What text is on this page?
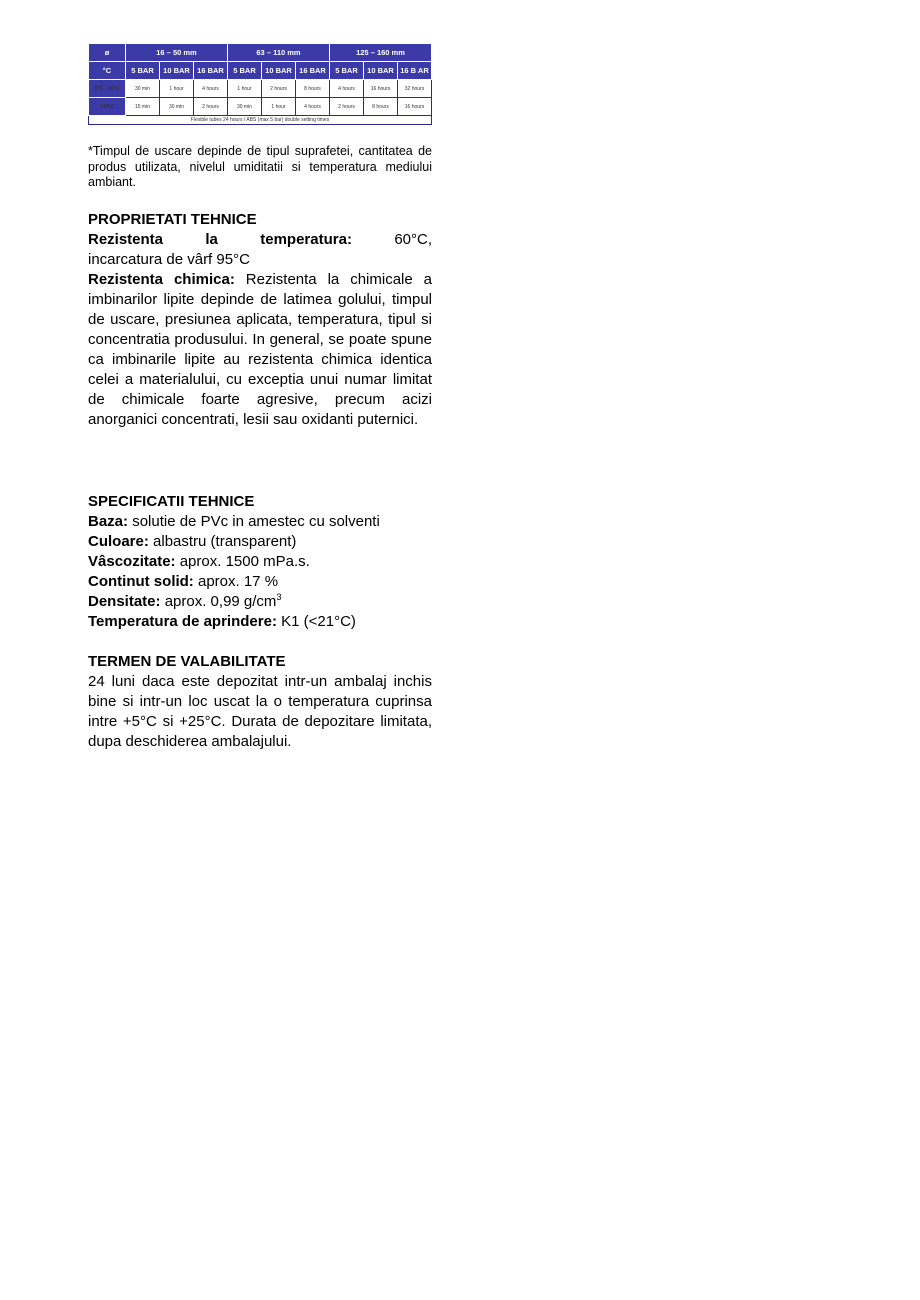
ø	16 – 50 mm			63 – 110 mm			125 – 160 mm		
°C	5 BAR	10 BAR	16 BAR	5 BAR	10 BAR	16 BAR	5 BAR	10 BAR	16 B AR
5°C - 15°C	30 min	1 hour	4 hours	1 hour	2 hours	8 hours	4 hours	16 hours	32 hours
>15°C	15 min	30 min	2 hours	30 min	1 hour	4 hours	2 hours	8 hours	16 hours
Flexible tubes 24 hours / ABS (max 5 bar) double setting times									
*Timpul de uscare depinde de tipul suprafetei, cantitatea de produs utilizata, nivelul umiditatii si temperatura mediului ambiant.
PROPRIETATI TEHNICE

Rezistenta la temperatura:	60°C,

incarcatura de vârf 95°C

Rezistenta chimica: Rezistenta la chimicale a imbinarilor lipite depinde de latimea golului, timpul de uscare, presiunea aplicata, temperatura, tipul si concentratia produsului. In general, se poate spune ca imbinarile lipite au rezistenta chimica identica celei a materialului, cu exceptia unui numar limitat de chimicale foarte agresive, precum acizi anorganici concentrati, lesii sau oxidanti puternici.

SPECIFICATII TEHNICE

Baza: solutie de PVc in amestec cu solventi

Culoare: albastru (transparent)

Vâscozitate: aprox. 1500 mPa.s.

Continut solid: aprox. 17 %

Densitate: aprox. 0,99 $g/cm^3$

Temperatura de aprindere: K1 (<21°C)

TERMEN DE VALABILITATE

24 luni daca este depozitat intr-un ambalaj inchis bine si intr-un loc uscat la o temperatura cuprinsa intre +5°C si +25°C. Durata de depozitare limitata, dupa deschiderea ambalajului.
